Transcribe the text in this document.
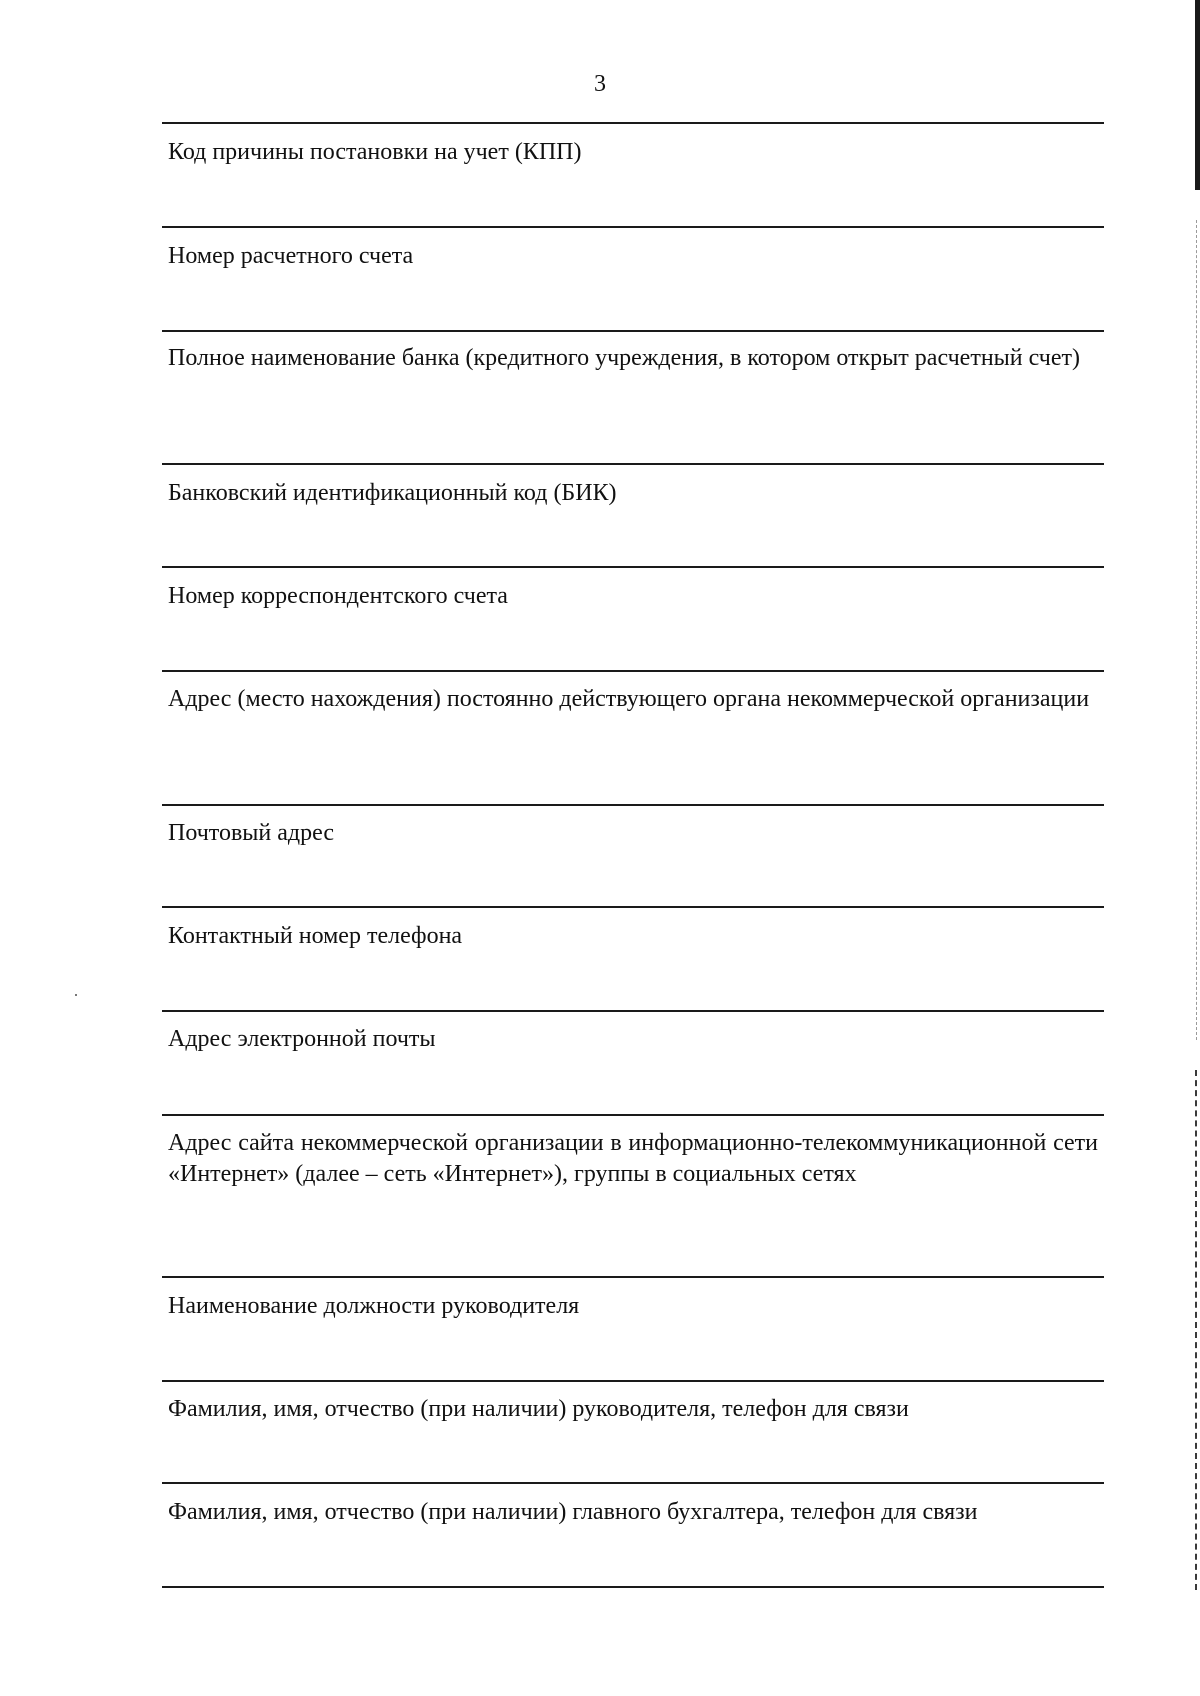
3
Код причины постановки на учет (КПП)
Номер расчетного счета
Полное наименование банка (кредитного учреждения, в котором открыт расчетный счет)
Банковский идентификационный код (БИК)
Номер корреспондентского счета
Адрес (место нахождения) постоянно действующего органа некоммерческой организации
Почтовый адрес
Контактный номер телефона
Адрес электронной почты
Адрес сайта некоммерческой организации в информационно-телекоммуникационной сети «Интернет» (далее – сеть «Интернет»), группы в социальных сетях
Наименование должности руководителя
Фамилия, имя, отчество (при наличии) руководителя, телефон для связи
Фамилия, имя, отчество (при наличии) главного бухгалтера, телефон для связи
